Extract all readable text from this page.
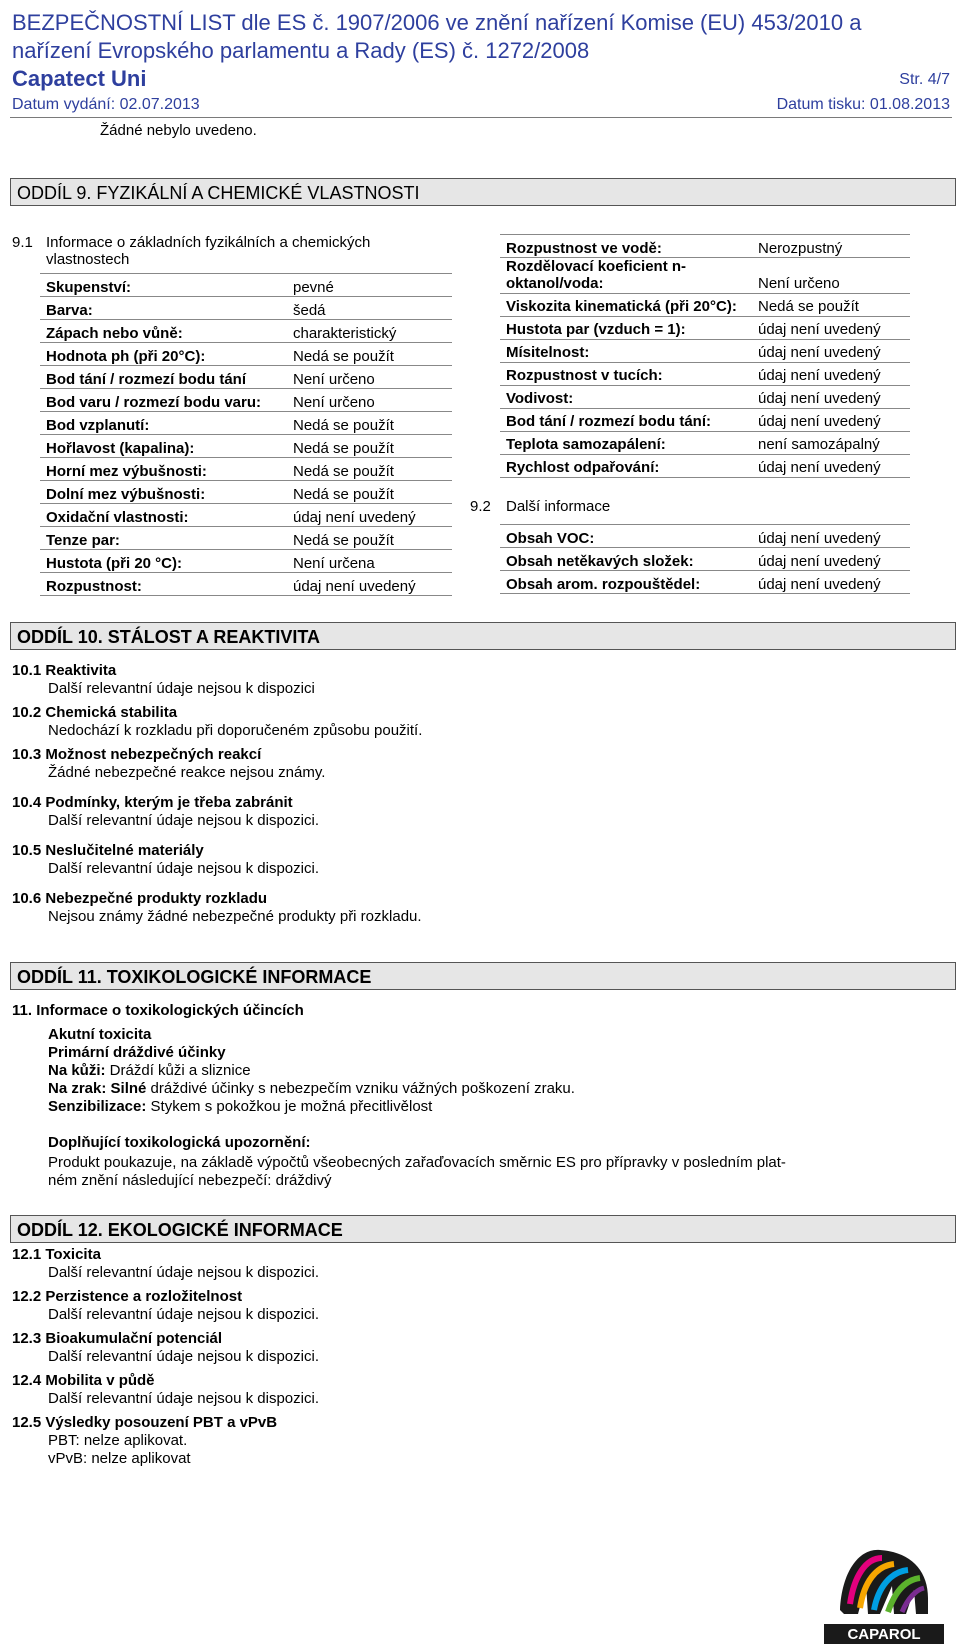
BEZPEČNOSTNÍ LIST dle ES č. 1907/2006 ve znění nařízení Komise (EU) 453/2010 a
nařízení Evropského parlamentu a Rady (ES) č. 1272/2008
Capatect Uni	Str. 4/7
Datum vydání: 02.07.2013	Datum tisku: 01.08.2013
Žádné nebylo uvedeno.
ODDÍL 9. FYZIKÁLNÍ A CHEMICKÉ VLASTNOSTI
9.1 Informace o základních fyzikálních a chemických
vlastnostech
Skupenství:	pevné
Barva:	šedá
Zápach nebo vůně:	charakteristický
Hodnota ph (při 20°C):	Nedá se použít
Bod tání / rozmezí bodu tání	Není určeno
Bod varu / rozmezí bodu varu:	Není určeno
Bod vzplanutí:	Nedá se použít
Hořlavost (kapalina):	Nedá se použít
Horní mez výbušnosti:	Nedá se použít
Dolní mez výbušnosti:	Nedá se použít
Oxidační vlastnosti:	údaj není uvedený
Tenze par:	Nedá se použít
Hustota (při 20 °C):	Není určena
Rozpustnost:	údaj není uvedený
Rozpustnost ve vodě:	Nerozpustný
Rozdělovací koeficient n-oktanol/voda:	Není určeno
Viskozita kinematická (při 20°C):	Nedá se použít
Hustota par (vzduch = 1):	údaj není uvedený
Mísitelnost:	údaj není uvedený
Rozpustnost v tucích:	údaj není uvedený
Vodivost:	údaj není uvedený
Bod tání / rozmezí bodu tání:	údaj není uvedený
Teplota samozapálení:	není samozápalný
Rychlost odpařování:	údaj není uvedený
9.2 Další informace
Obsah VOC:	údaj není uvedený
Obsah netěkavých složek:	údaj není uvedený
Obsah arom. rozpouštědel:	údaj není uvedený
ODDÍL 10. STÁLOST A REAKTIVITA
10.1 Reaktivita
Další relevantní údaje nejsou k dispozici
10.2 Chemická stabilita
Nedochází k rozkladu při doporučeném způsobu použití.
10.3 Možnost nebezpečných reakcí
Žádné nebezpečné reakce nejsou známy.
10.4 Podmínky, kterým je třeba zabránit
Další relevantní údaje nejsou k dispozici.
10.5 Neslučitelné materiály
Další relevantní údaje nejsou k dispozici.
10.6 Nebezpečné produkty rozkladu
Nejsou známy žádné nebezpečné produkty při rozkladu.
ODDÍL 11. TOXIKOLOGICKÉ INFORMACE
11. Informace o toxikologických účincích
Akutní toxicita
Primární dráždivé účinky
Na kůži: Dráždí kůži a sliznice
Na zrak: Silné dráždivé účinky s nebezpečím vzniku vážných poškození zraku.
Senzibilizace: Stykem s pokožkou je možná přecitlivělost
Doplňující toxikologická upozornění:
Produkt poukazuje, na základě výpočtů všeobecných zařaďovacích směrnic ES pro přípravky v posledním plat-
ném znění následující nebezpečí: dráždivý
ODDÍL 12. EKOLOGICKÉ INFORMACE
12.1 Toxicita
Další relevantní údaje nejsou k dispozici.
12.2 Perzistence a rozložitelnost
Další relevantní údaje nejsou k dispozici.
12.3 Bioakumulační potenciál
Další relevantní údaje nejsou k dispozici.
12.4 Mobilita v půdě
Další relevantní údaje nejsou k dispozici.
12.5 Výsledky posouzení PBT a vPvB
PBT: nelze aplikovat.
vPvB: nelze aplikovat
CAPAROL
